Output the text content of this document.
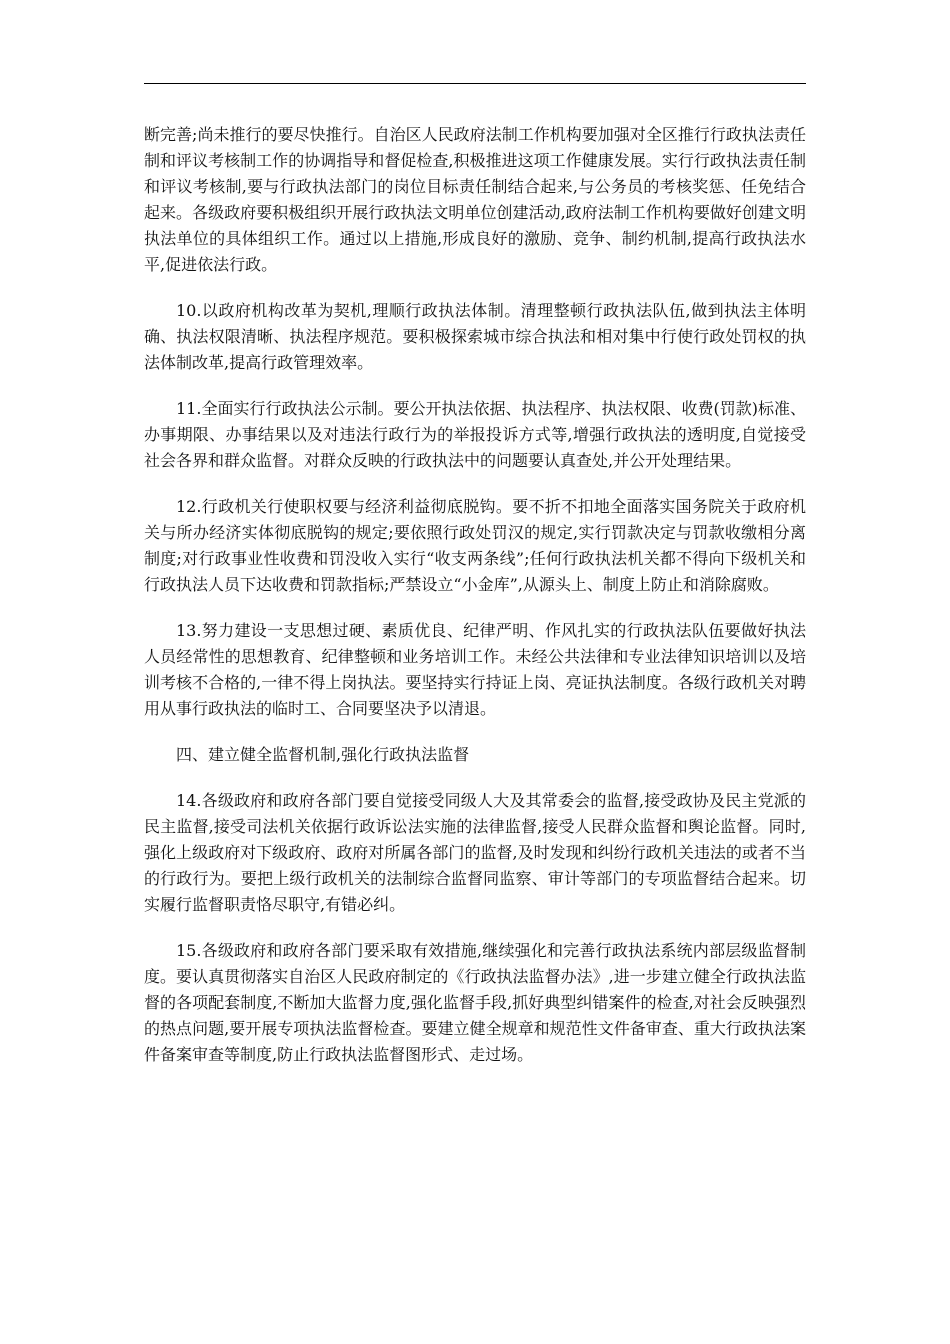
断完善;尚未推行的要尽快推行。自治区人民政府法制工作机构要加强对全区推行行政执法责任制和评议考核制工作的协调指导和督促检查,积极推进这项工作健康发展。实行行政执法责任制和评议考核制,要与行政执法部门的岗位目标责任制结合起来,与公务员的考核奖惩、任免结合起来。各级政府要积极组织开展行政执法文明单位创建活动,政府法制工作机构要做好创建文明执法单位的具体组织工作。通过以上措施,形成良好的激励、竞争、制约机制,提高行政执法水平,促进依法行政。

10.以政府机构改革为契机,理顺行政执法体制。清理整顿行政执法队伍,做到执法主体明确、执法权限清晰、执法程序规范。要积极探索城市综合执法和相对集中行使行政处罚权的执法体制改革,提高行政管理效率。

11.全面实行行政执法公示制。要公开执法依据、执法程序、执法权限、收费(罚款)标准、办事期限、办事结果以及对违法行政行为的举报投诉方式等,增强行政执法的透明度,自觉接受社会各界和群众监督。对群众反映的行政执法中的问题要认真查处,并公开处理结果。

12.行政机关行使职权要与经济利益彻底脱钩。要不折不扣地全面落实国务院关于政府机关与所办经济实体彻底脱钩的规定;要依照行政处罚汉的规定,实行罚款决定与罚款收缴相分离制度;对行政事业性收费和罚没收入实行“收支两条线”;任何行政执法机关都不得向下级机关和行政执法人员下达收费和罚款指标;严禁设立“小金库”,从源头上、制度上防止和消除腐败。

13.努力建设一支思想过硬、素质优良、纪律严明、作风扎实的行政执法队伍要做好执法人员经常性的思想教育、纪律整顿和业务培训工作。未经公共法律和专业法律知识培训以及培训考核不合格的,一律不得上岗执法。要坚持实行持证上岗、亮证执法制度。各级行政机关对聘用从事行政执法的临时工、合同要坚决予以清退。

四、建立健全监督机制,强化行政执法监督

14.各级政府和政府各部门要自觉接受同级人大及其常委会的监督,接受政协及民主党派的民主监督,接受司法机关依据行政诉讼法实施的法律监督,接受人民群众监督和舆论监督。同时,强化上级政府对下级政府、政府对所属各部门的监督,及时发现和纠纷行政机关违法的或者不当的行政行为。要把上级行政机关的法制综合监督同监察、审计等部门的专项监督结合起来。切实履行监督职责恪尽职守,有错必纠。

15.各级政府和政府各部门要采取有效措施,继续强化和完善行政执法系统内部层级监督制度。要认真贯彻落实自治区人民政府制定的《行政执法监督办法》,进一步建立健全行政执法监督的各项配套制度,不断加大监督力度,强化监督手段,抓好典型纠错案件的检查,对社会反映强烈的热点问题,要开展专项执法监督检查。要建立健全规章和规范性文件备审查、重大行政执法案件备案审查等制度,防止行政执法监督图形式、走过场。
